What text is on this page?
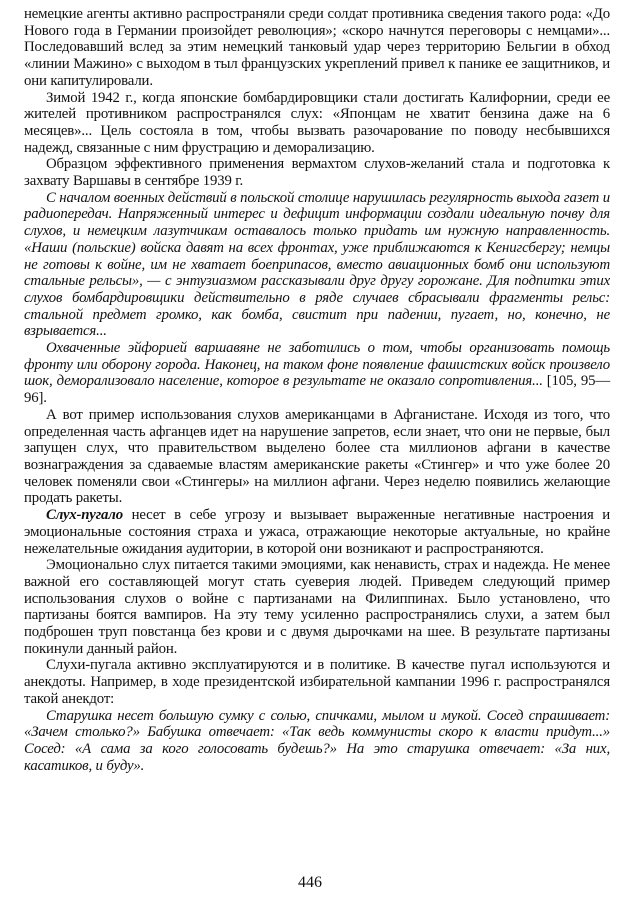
немецкие агенты активно распространяли среди солдат противника сведения такого рода: «До Нового года в Германии произойдет революция»; «скоро начнутся переговоры с немцами»... Последовавший вслед за этим немецкий танковый удар через территорию Бельгии в обход «линии Мажино» с выходом в тыл французских укреплений привел к панике ее защитников, и они капитулировали.

Зимой 1942 г., когда японские бомбардировщики стали достигать Калифорнии, среди ее жителей противником распространялся слух: «Японцам не хватит бензина даже на 6 месяцев»... Цель состояла в том, чтобы вызвать разочарование по поводу несбывшихся надежд, связанные с ним фрустрацию и деморализацию.

Образцом эффективного применения вермахтом слухов-желаний стала и подготовка к захвату Варшавы в сентябре 1939 г.

С началом военных действий в польской столице нарушилась регулярность выхода газет и радиопередач. Напряженный интерес и дефицит информации создали идеальную почву для слухов, и немецким лазутчикам оставалось только придать им нужную направленность. «Наши (польские) войска давят на всех фронтах, уже приближаются к Кенигсбергу; немцы не готовы к войне, им не хватает боеприпасов, вместо авиационных бомб они используют стальные рельсы», — с энтузиазмом рассказывали друг другу горожане. Для подпитки этих слухов бомбардировщики действительно в ряде случаев сбрасывали фрагменты рельс: стальной предмет громко, как бомба, свистит при падении, пугает, но, конечно, не взрывается...

Охваченные эйфорией варшавяне не заботились о том, чтобы организовать помощь фронту или оборону города. Наконец, на таком фоне появление фашистских войск произвело шок, деморализовало население, которое в результате не оказало сопротивления... [105, 95—96].

А вот пример использования слухов американцами в Афганистане. Исходя из того, что определенная часть афганцев идет на нарушение запретов, если знает, что они не первые, был запущен слух, что правительством выделено более ста миллионов афгани в качестве вознаграждения за сдаваемые властям американские ракеты «Стингер» и что уже более 20 человек поменяли свои «Стингеры» на миллион афгани. Через неделю появились желающие продать ракеты.

Слух-пугало несет в себе угрозу и вызывает выраженные негативные настроения и эмоциональные состояния страха и ужаса, отражающие некоторые актуальные, но крайне нежелательные ожидания аудитории, в которой они возникают и распространяются.

Эмоционально слух питается такими эмоциями, как ненависть, страх и надежда. Не менее важной его составляющей могут стать суеверия людей. Приведем следующий пример использования слухов о войне с партизанами на Филиппинах. Было установлено, что партизаны боятся вампиров. На эту тему усиленно распространялись слухи, а затем был подброшен труп повстанца без крови и с двумя дырочками на шее. В результате партизаны покинули данный район.

Слухи-пугала активно эксплуатируются и в политике. В качестве пугал используются и анекдоты. Например, в ходе президентской избирательной кампании 1996 г. распространялся такой анекдот:

Старушка несет большую сумку с солью, спичками, мылом и мукой. Сосед спрашивает: «Зачем столько?» Бабушка отвечает: «Так ведь коммунисты скоро к власти придут...» Сосед: «А сама за кого голосовать будешь?» На это старушка отвечает: «За них, касатиков, и буду».

446
